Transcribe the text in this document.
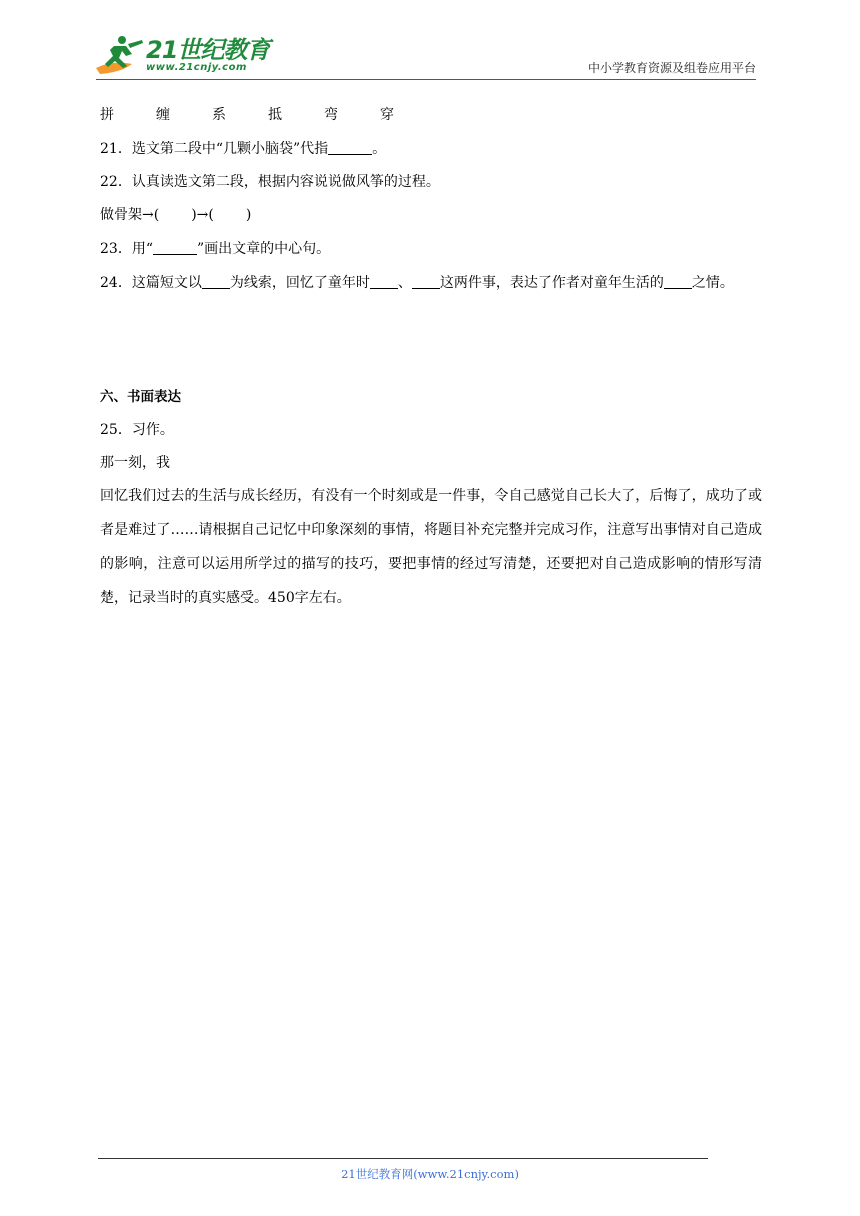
21世纪教育
www.21cnjy.com	中小学教育资源及组卷应用平台
拼	缠	系	抵	弯	穿
21．选文第二段中“几颗小脑袋”代指	。
22．认真读选文第二段，根据内容说说做风筝的过程。
做骨架→( )→( )
23．用“	”画出文章的中心句。
24．这篇短文以 为线索，回忆了童年时 、 这两件事，表达了作者对童年生活的 之情。
六、书面表达
25．习作。
那一刻，我
回忆我们过去的生活与成长经历，有没有一个时刻或是一件事，令自己感觉自己长大了，后悔了，成功了或者是难过了……请根据自己记忆中印象深刻的事情，将题目补充完整并完成习作，注意写出事情对自己造成的影响，注意可以运用所学过的描写的技巧，要把事情的经过写清楚，还要把对自己造成影响的情形写清楚，记录当时的真实感受。450字左右。
21世纪教育网(www.21cnjy.com)
